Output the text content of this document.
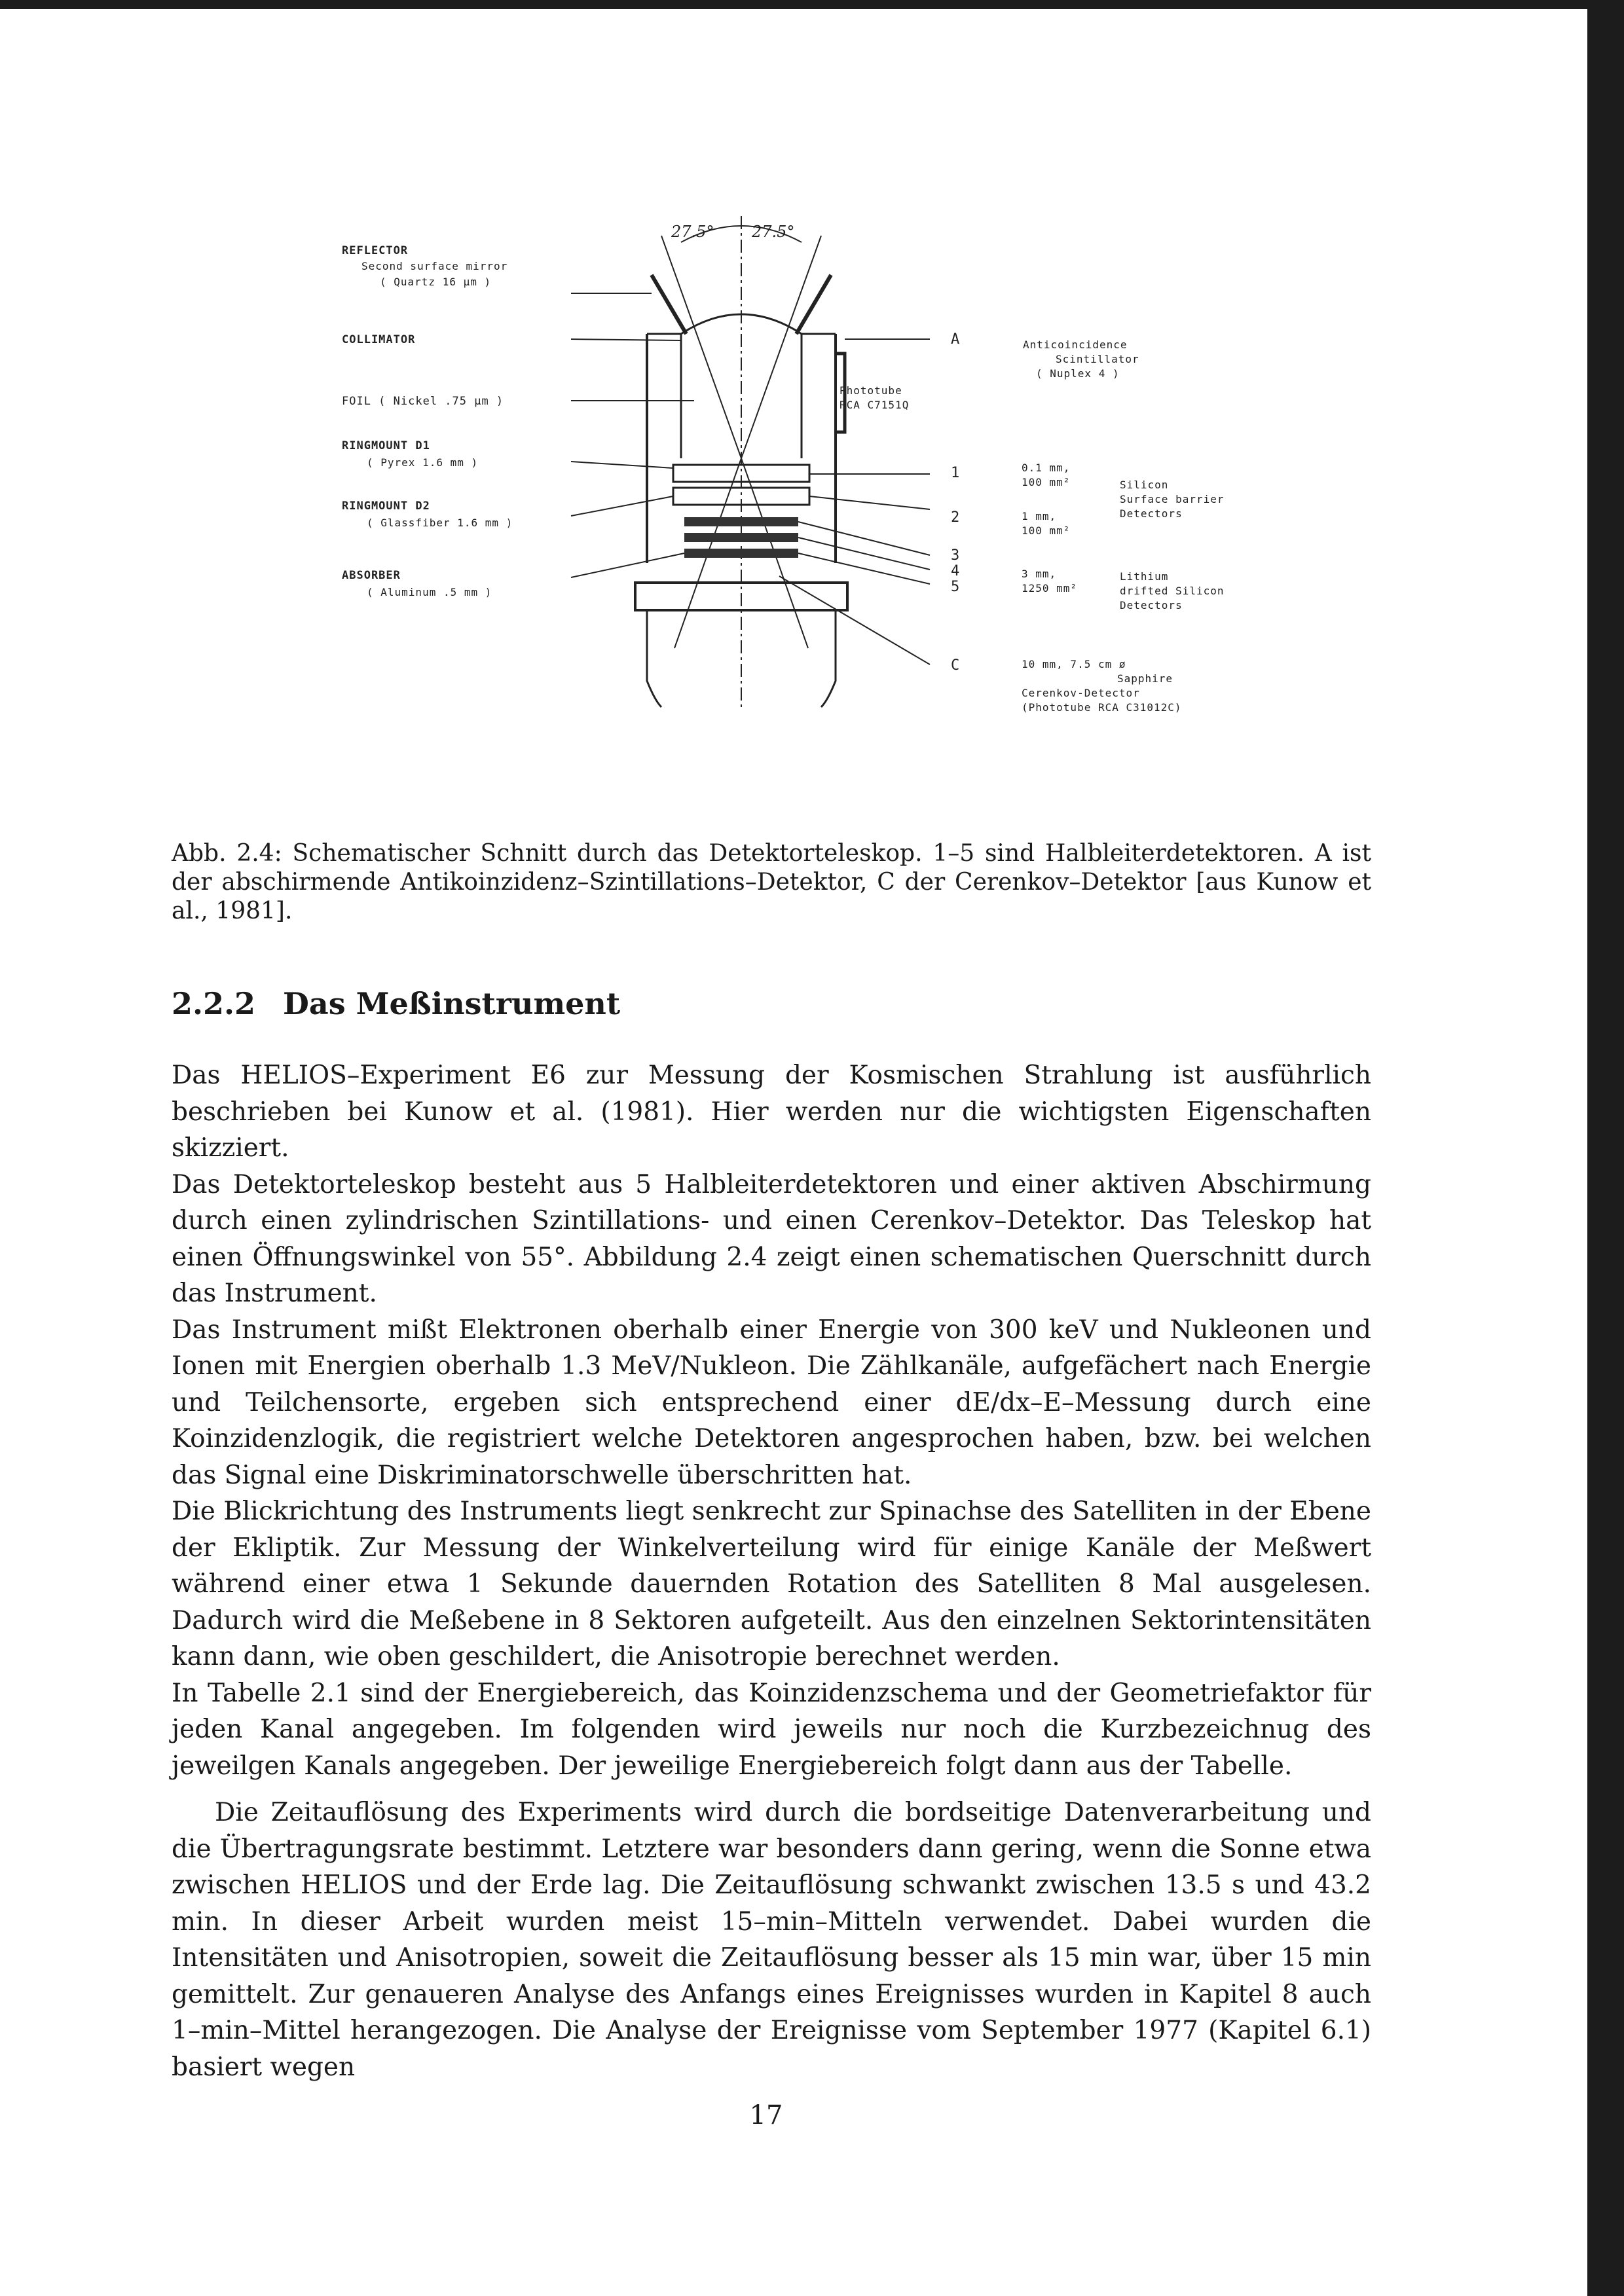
REFLECTOR
Second surface mirror
( Quartz 16 µm )
COLLIMATOR
FOIL ( Nickel .75 µm )
RINGMOUNT D1
( Pyrex 1.6 mm )
RINGMOUNT D2
( Glassfiber 1.6 mm )
ABSORBER
( Aluminum .5 mm )
Phototube
RCA C7151Q
27.5° 27.5°
A
1
2
3
4
5
C
Anticoincidence
Scintillator
( Nuplex 4 )
0.1 mm,
100 mm²
1 mm,
100 mm²
Silicon
Surface barrier
Detectors
3 mm,
1250 mm²
Lithium
drifted Silicon
Detectors
10 mm, 7.5 cm ø
Sapphire
Cerenkov-Detector
(Phototube RCA C31012C)
Abb. 2.4: Schematischer Schnitt durch das Detektorteleskop. 1–5 sind Halbleiterdetektoren. A ist der abschirmende Antikoinzidenz–Szintillations–Detektor, C der Cerenkov–Detektor [aus Kunow et al., 1981].
2.2.2 Das Meßinstrument

Das HELIOS–Experiment E6 zur Messung der Kosmischen Strahlung ist ausführlich beschrieben bei Kunow et al. (1981). Hier werden nur die wichtigsten Eigenschaften skizziert.

Das Detektorteleskop besteht aus 5 Halbleiterdetektoren und einer aktiven Abschirmung durch einen zylindrischen Szintillations- und einen Cerenkov–Detektor. Das Teleskop hat einen Öffnungswinkel von 55°. Abbildung 2.4 zeigt einen schematischen Querschnitt durch das Instrument.

Das Instrument mißt Elektronen oberhalb einer Energie von 300 keV und Nukleonen und Ionen mit Energien oberhalb 1.3 MeV/Nukleon. Die Zählkanäle, aufgefächert nach Energie und Teilchensorte, ergeben sich entsprechend einer dE/dx–E–Messung durch eine Koinzidenzlogik, die registriert welche Detektoren angesprochen haben, bzw. bei welchen das Signal eine Diskriminatorschwelle überschritten hat.

Die Blickrichtung des Instruments liegt senkrecht zur Spinachse des Satelliten in der Ebene der Ekliptik. Zur Messung der Winkelverteilung wird für einige Kanäle der Meßwert während einer etwa 1 Sekunde dauernden Rotation des Satelliten 8 Mal ausgelesen. Dadurch wird die Meßebene in 8 Sektoren aufgeteilt. Aus den einzelnen Sektorintensitäten kann dann, wie oben geschildert, die Anisotropie berechnet werden.

In Tabelle 2.1 sind der Energiebereich, das Koinzidenzschema und der Geometriefaktor für jeden Kanal angegeben. Im folgenden wird jeweils nur noch die Kurzbezeichnug des jeweilgen Kanals angegeben. Der jeweilige Energiebereich folgt dann aus der Tabelle.

Die Zeitauflösung des Experiments wird durch die bordseitige Datenverarbeitung und die Übertragungsrate bestimmt. Letztere war besonders dann gering, wenn die Sonne etwa zwischen HELIOS und der Erde lag. Die Zeitauflösung schwankt zwischen 13.5 s und 43.2 min. In dieser Arbeit wurden meist 15–min–Mitteln verwendet. Dabei wurden die Intensitäten und Anisotropien, soweit die Zeitauflösung besser als 15 min war, über 15 min gemittelt. Zur genaueren Analyse des Anfangs eines Ereignisses wurden in Kapitel 8 auch 1–min–Mittel herangezogen. Die Analyse der Ereignisse vom September 1977 (Kapitel 6.1) basiert wegen

17
